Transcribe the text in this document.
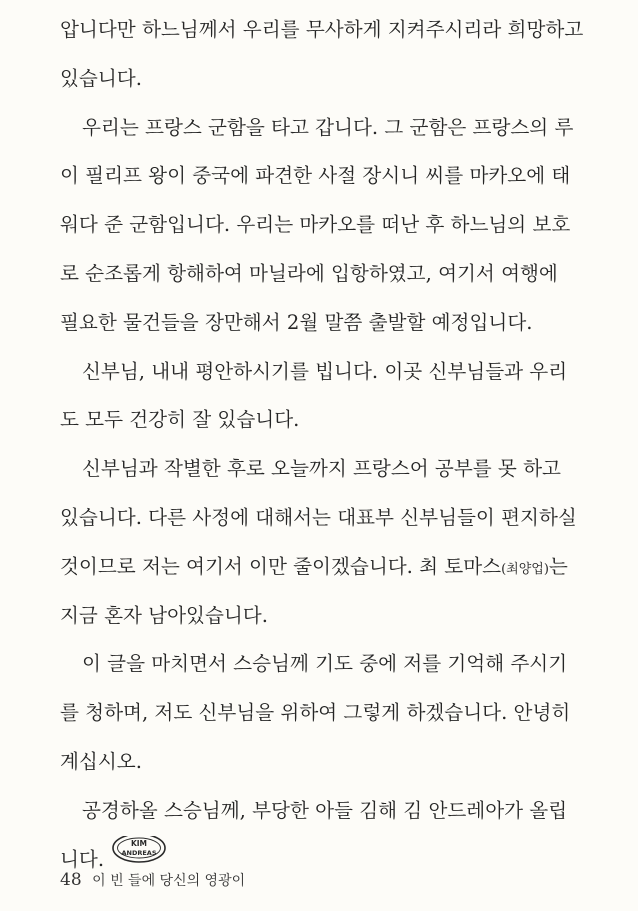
압니다만 하느님께서 우리를 무사하게 지켜주시리라 희망하고
있습니다.
우리는 프랑스 군함을 타고 갑니다. 그 군함은 프랑스의 루
이 필리프 왕이 중국에 파견한 사절 장시니 씨를 마카오에 태
워다 준 군함입니다. 우리는 마카오를 떠난 후 하느님의 보호
로 순조롭게 항해하여 마닐라에 입항하였고, 여기서 여행에
필요한 물건들을 장만해서 2월 말쯤 출발할 예정입니다.
신부님, 내내 평안하시기를 빕니다. 이곳 신부님들과 우리
도 모두 건강히 잘 있습니다.
신부님과 작별한 후로 오늘까지 프랑스어 공부를 못 하고
있습니다. 다른 사정에 대해서는 대표부 신부님들이 편지하실
것이므로 저는 여기서 이만 줄이겠습니다. 최 토마스(최양업)는
지금 혼자 남아있습니다.
이 글을 마치면서 스승님께 기도 중에 저를 기억해 주시기
를 청하며, 저도 신부님을 위하여 그렇게 하겠습니다. 안녕히
계십시오.
공경하올 스승님께, 부당한 아들 김해 김 안드레아가 올립
니다.
KIM
ANDREAS
48 이 빈 들에 당신의 영광이
